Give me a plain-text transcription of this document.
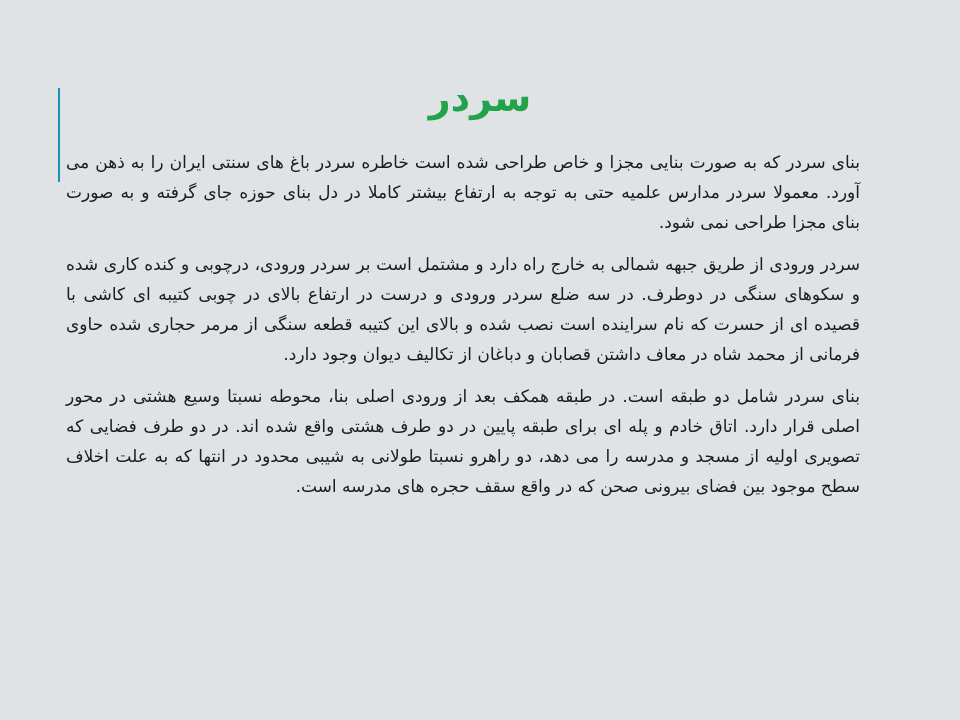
سردر

بنای سردر که به صورت بنایی مجزا و خاص طراحی شده است خاطره سردر باغ های سنتی ایران را به ذهن می آورد. معمولا سردر مدارس علمیه حتی به توجه به ارتفاع بیشتر کاملا در دل بنای حوزه جای گرفته و به صورت بنای مجزا طراحی نمی شود.

سردر ورودی از طریق جبهه شمالی به خارج راه دارد و مشتمل است بر سردر ورودی، درچوبی و کنده کاری شده و سکوهای سنگی در دوطرف. در سه ضلع سردر ورودی و درست در ارتفاع بالای در چوبی کتیبه ای کاشی با قصیده ای از حسرت که نام سراینده است نصب شده و بالای این کتیبه قطعه سنگی از مرمر حجاری شده حاوی فرمانی از محمد شاه در معاف داشتن قصابان و دباغان از تکالیف دیوان وجود دارد.

بنای سردر شامل دو طبقه است. در طبقه همکف بعد از ورودی اصلی بنا، محوطه نسبتا وسیع هشتی در محور اصلی قرار دارد. اتاق خادم و پله ای برای طبقه پایین در دو طرف هشتی واقع شده اند. در دو طرف فضایی که تصویری اولیه از مسجد و مدرسه را می دهد، دو راهرو نسبتا طولانی به شیبی محدود در انتها که به علت اخلاف سطح موجود بین فضای بیرونی صحن که در واقع سقف حجره های مدرسه است.
